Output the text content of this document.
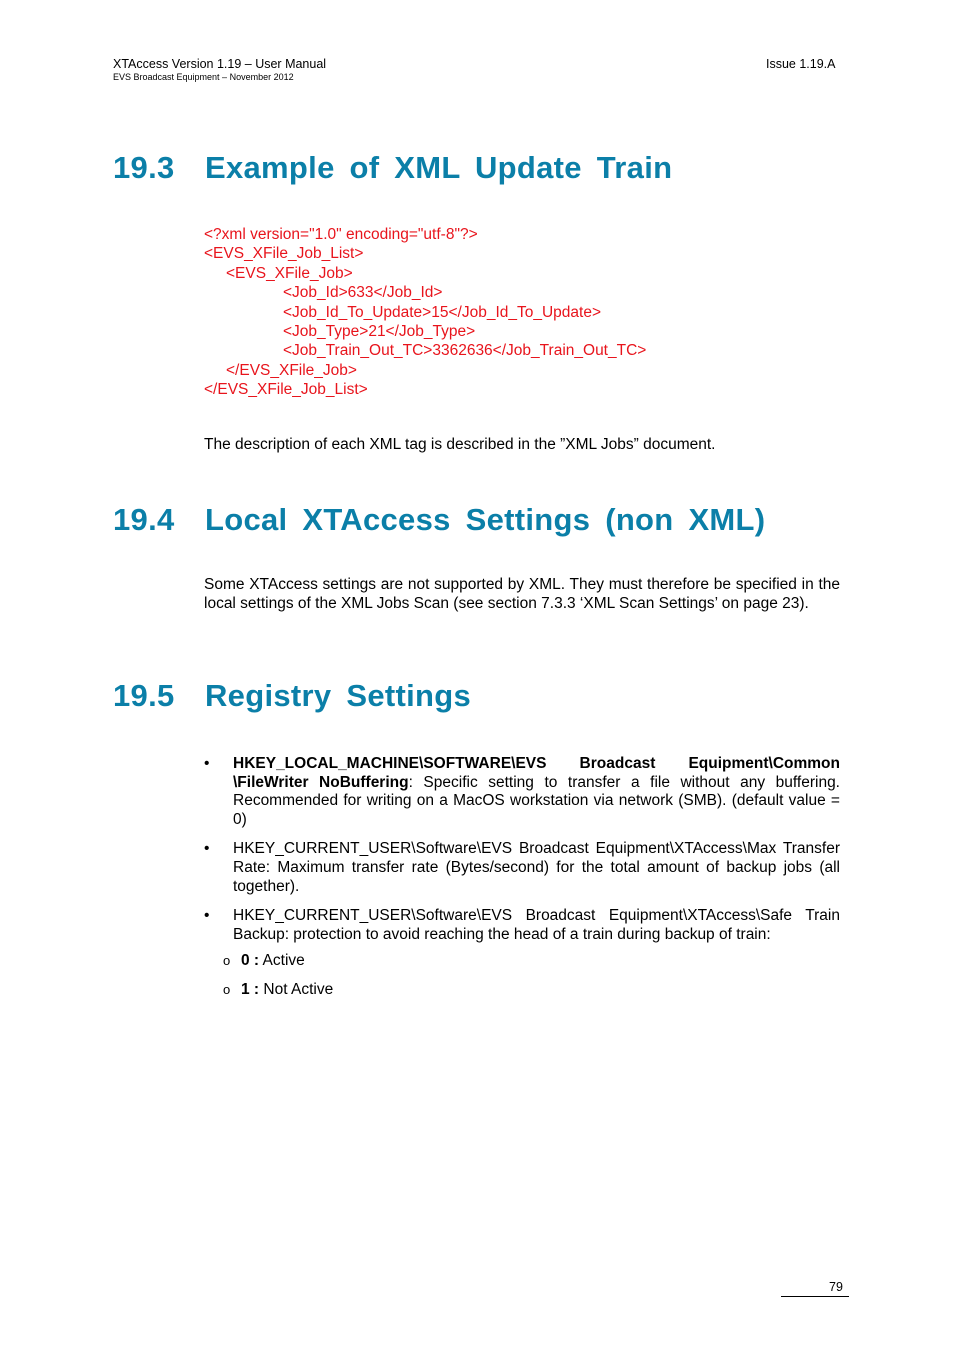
XTAccess Version 1.19 – User Manual
EVS Broadcast Equipment – November 2012
Issue 1.19.A
19.3 Example of XML Update Train
<?xml version="1.0" encoding="utf-8"?>
<EVS_XFile_Job_List>
<EVS_XFile_Job>
<Job_Id>633</Job_Id>
<Job_Id_To_Update>15</Job_Id_To_Update>
<Job_Type>21</Job_Type>
<Job_Train_Out_TC>3362636</Job_Train_Out_TC>
</EVS_XFile_Job>
</EVS_XFile_Job_List>
The description of each XML tag is described in the ”XML Jobs” document.
19.4 Local XTAccess Settings (non XML)
Some XTAccess settings are not supported by XML. They must therefore be specified in the local settings of the XML Jobs Scan (see section 7.3.3 ‘XML Scan Settings’ on page 23).
19.5 Registry Settings
• HKEY_LOCAL_MACHINE\SOFTWARE\EVS Broadcast Equipment\Common \FileWriter NoBuffering: Specific setting to transfer a file without any buffering. Recommended for writing on a MacOS workstation via network (SMB). (default value = 0)
• HKEY_CURRENT_USER\Software\EVS Broadcast Equipment\XTAccess\Max Transfer Rate: Maximum transfer rate (Bytes/second) for the total amount of backup jobs (all together).
• HKEY_CURRENT_USER\Software\EVS Broadcast Equipment\XTAccess\Safe Train Backup: protection to avoid reaching the head of a train during backup of train:
o 0 : Active
o 1 : Not Active
79
